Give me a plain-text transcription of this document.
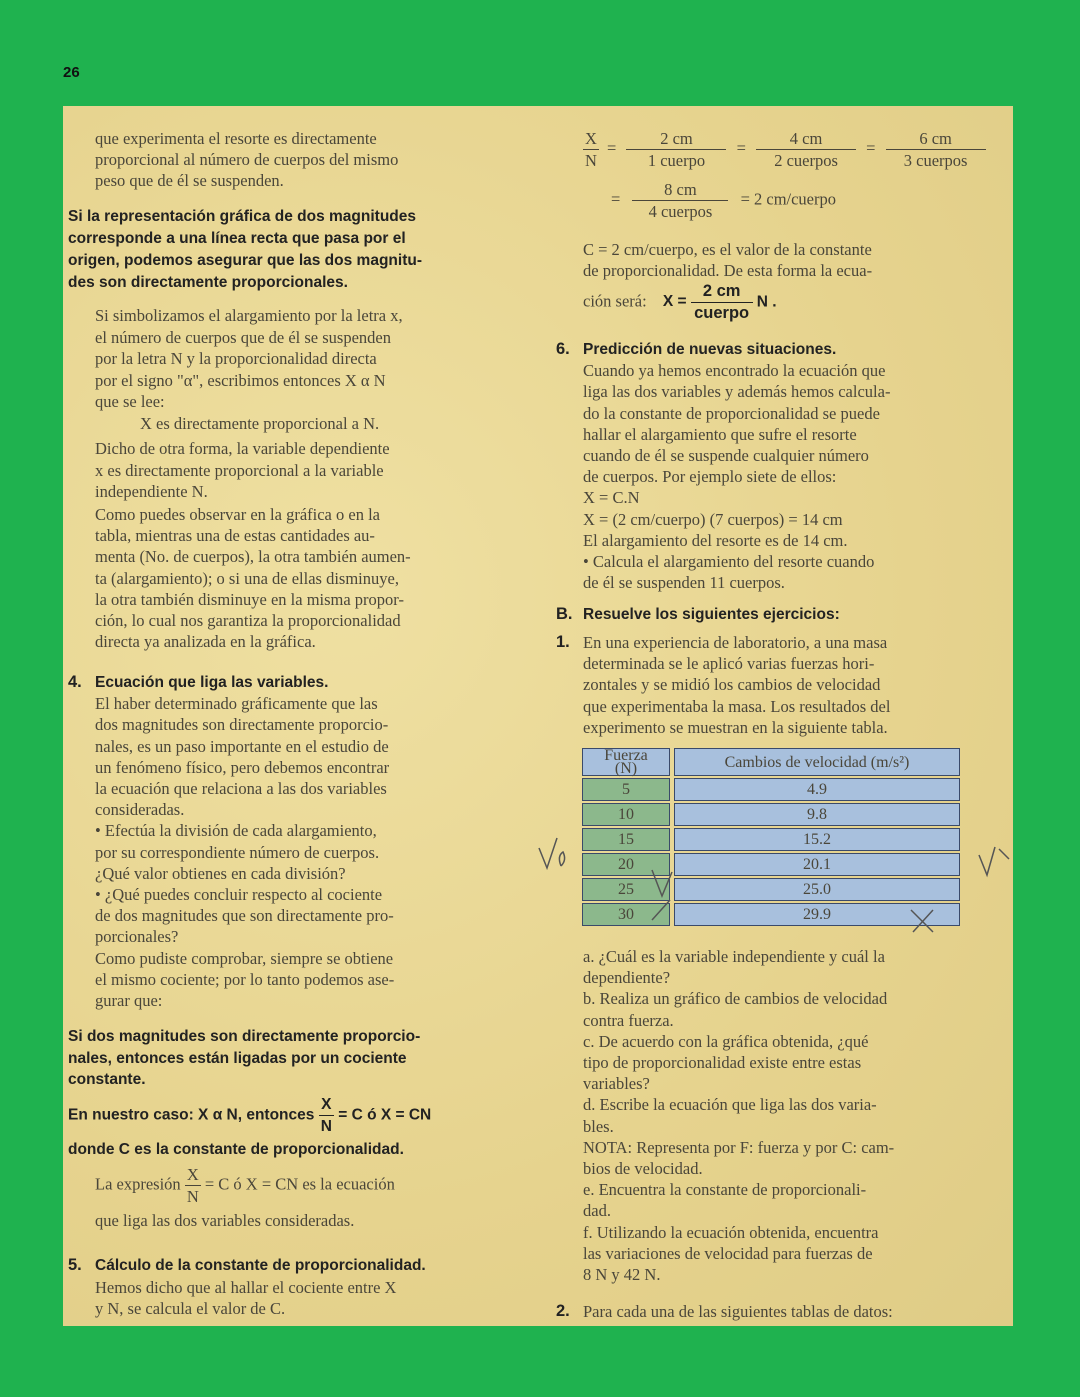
26
que experimenta el resorte es directamente
proporcional al número de cuerpos del mismo
peso que de él se suspenden.
Si la representación gráfica de dos magnitudes
corresponde a una línea recta que pasa por el
origen, podemos asegurar que las dos magnitu-
des son directamente proporcionales.
Si simbolizamos el alargamiento por la letra x,
el número de cuerpos que de él se suspenden
por la letra N y la proporcionalidad directa
por el signo "α", escribimos entonces X α N
que se lee:
X es directamente proporcional a N.
Dicho de otra forma, la variable dependiente
x es directamente proporcional a la variable
independiente N.
Como puedes observar en la gráfica o en la
tabla, mientras una de estas cantidades au-
menta (No. de cuerpos), la otra también aumen-
ta (alargamiento); o si una de ellas disminuye,
la otra también disminuye en la misma propor-
ción, lo cual nos garantiza la proporcionalidad
directa ya analizada en la gráfica.
4. Ecuación que liga las variables.
El haber determinado gráficamente que las
dos magnitudes son directamente proporcio-
nales, es un paso importante en el estudio de
un fenómeno físico, pero debemos encontrar
la ecuación que relaciona a las dos variables
consideradas.
• Efectúa la división de cada alargamiento,
por su correspondiente número de cuerpos.
¿Qué valor obtienes en cada división?
• ¿Qué puedes concluir respecto al cociente
de dos magnitudes que son directamente pro-
porcionales?
Como pudiste comprobar, siempre se obtiene
el mismo cociente; por lo tanto podemos ase-
gurar que:
Si dos magnitudes son directamente proporcio-
nales, entonces están ligadas por un cociente
constante.
En nuestro caso: X α N, entonces $\frac{X}{N} = C$ ó X = CN
donde C es la constante de proporcionalidad.
La expresión $\frac{X}{N} = C$ ó X = CN es la ecuación
que liga las dos variables consideradas.
5. Cálculo de la constante de proporcionalidad.
Hemos dicho que al hallar el cociente entre X
y N, se calcula el valor de C.
$\frac{X}{N} = \frac{2 cm}{\text{1 cuerpo}} = \frac{4 cm}{\text{2 cuerpos}} = \frac{6 cm}{\text{3 cuerpos}}$
= $\frac{8 cm}{\text{4 cuerpos}} = 2$ cm/cuerpo
C = 2 cm/cuerpo, es el valor de la constante
de proporcionalidad. De esta forma la ecua-
ción será: $X = \frac{2 cm}{\text{cuerpo}}$ N .
6. Predicción de nuevas situaciones.
Cuando ya hemos encontrado la ecuación que
liga las dos variables y además hemos calcula-
do la constante de proporcionalidad se puede
hallar el alargamiento que sufre el resorte
cuando de él se suspende cualquier número
de cuerpos. Por ejemplo siete de ellos:
X = C.N
X = (2 cm/cuerpo) (7 cuerpos) = 14 cm
El alargamiento del resorte es de 14 cm.
• Calcula el alargamiento del resorte cuando
de él se suspenden 11 cuerpos.
B. Resuelve los siguientes ejercicios:
1. En una experiencia de laboratorio, a una masa
determinada se le aplicó varias fuerzas hori-
zontales y se midió los cambios de velocidad
que experimentaba la masa. Los resultados del
experimento se muestran en la siguiente tabla.
Fuerza
(N)	Cambios de velocidad (m/s²)
5	4.9
10	9.8
15	15.2
20	20.1
25	25.0
30	29.9
a. ¿Cuál es la variable independiente y cuál la
dependiente?
b. Realiza un gráfico de cambios de velocidad
contra fuerza.
c. De acuerdo con la gráfica obtenida, ¿qué
tipo de proporcionalidad existe entre estas
variables?
d. Escribe la ecuación que liga las dos varia-
bles.
NOTA: Representa por F: fuerza y por C: cam-
bios de velocidad.
e. Encuentra la constante de proporcionali-
dad.
f. Utilizando la ecuación obtenida, encuentra
las variaciones de velocidad para fuerzas de
8 N y 42 N.
2. Para cada una de las siguientes tablas de datos:
